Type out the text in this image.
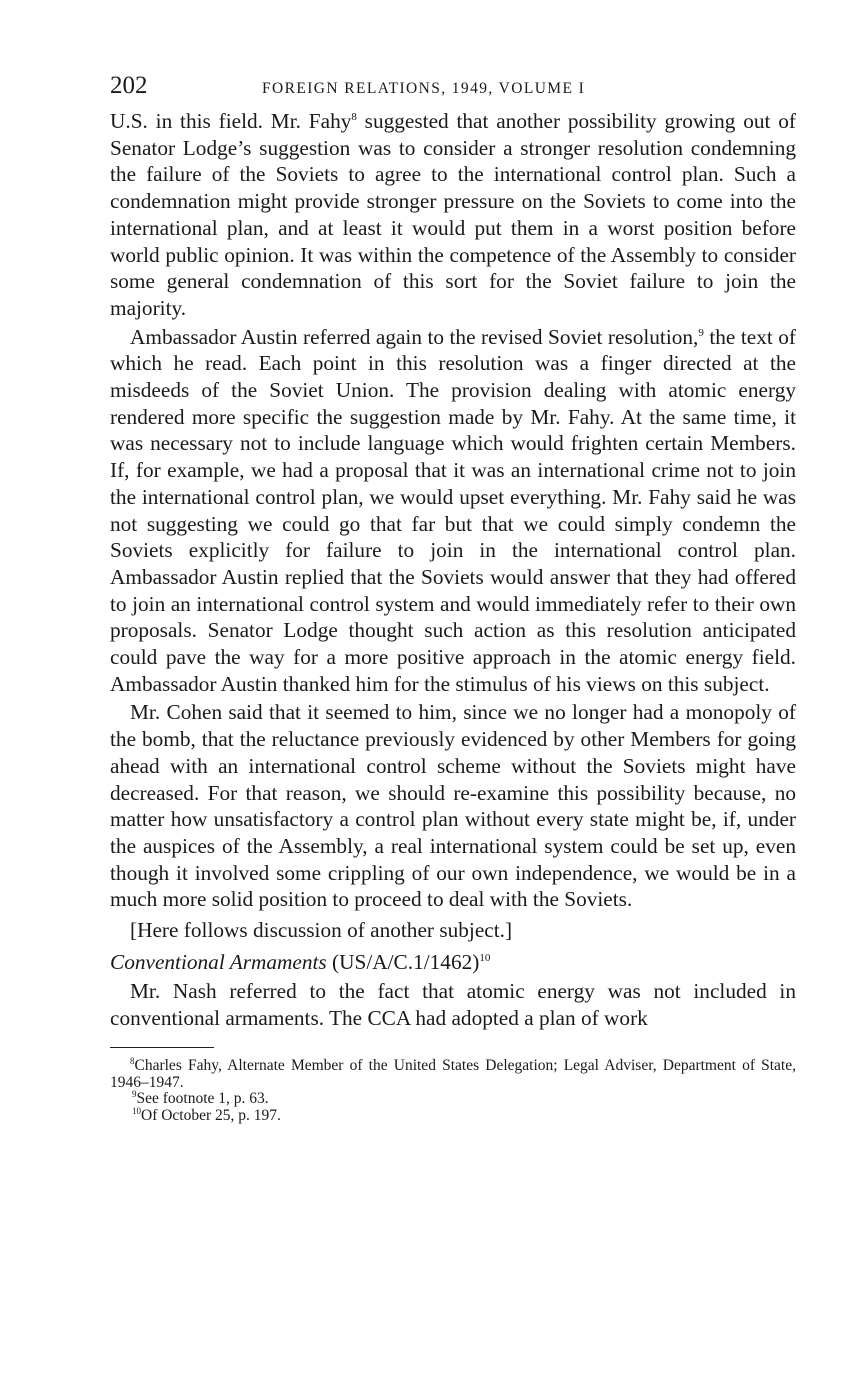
202	FOREIGN RELATIONS, 1949, VOLUME I

U.S. in this field. Mr. Fahy$^8$ suggested that another possibility growing out of Senator Lodge’s suggestion was to consider a stronger resolution condemning the failure of the Soviets to agree to the international control plan. Such a condemnation might provide stronger pressure on the Soviets to come into the international plan, and at least it would put them in a worst position before world public opinion. It was within the competence of the Assembly to consider some general condemnation of this sort for the Soviet failure to join the majority.

Ambassador Austin referred again to the revised Soviet resolution,$^9$ the text of which he read. Each point in this resolution was a finger directed at the misdeeds of the Soviet Union. The provision dealing with atomic energy rendered more specific the suggestion made by Mr. Fahy. At the same time, it was necessary not to include language which would frighten certain Members. If, for example, we had a proposal that it was an international crime not to join the international control plan, we would upset everything. Mr. Fahy said he was not suggesting we could go that far but that we could simply condemn the Soviets explicitly for failure to join in the international control plan. Ambassador Austin replied that the Soviets would answer that they had offered to join an international control system and would immediately refer to their own proposals. Senator Lodge thought such action as this resolution anticipated could pave the way for a more positive approach in the atomic energy field. Ambassador Austin thanked him for the stimulus of his views on this subject.

Mr. Cohen said that it seemed to him, since we no longer had a monopoly of the bomb, that the reluctance previously evidenced by other Members for going ahead with an international control scheme without the Soviets might have decreased. For that reason, we should re-examine this possibility because, no matter how unsatisfactory a control plan without every state might be, if, under the auspices of the Assembly, a real international system could be set up, even though it involved some crippling of our own independence, we would be in a much more solid position to proceed to deal with the Soviets.

[Here follows discussion of another subject.]

Conventional Armaments $(US/A/C.1/1462)^{10}$

Mr. Nash referred to the fact that atomic energy was not included in conventional armaments. The CCA had adopted a plan of work

$^8$Charles Fahy, Alternate Member of the United States Delegation; Legal Adviser, Department of State, 1946–1947.

$^9$See footnote 1, p. 63.

$^{10}$Of October 25, p. 197.
